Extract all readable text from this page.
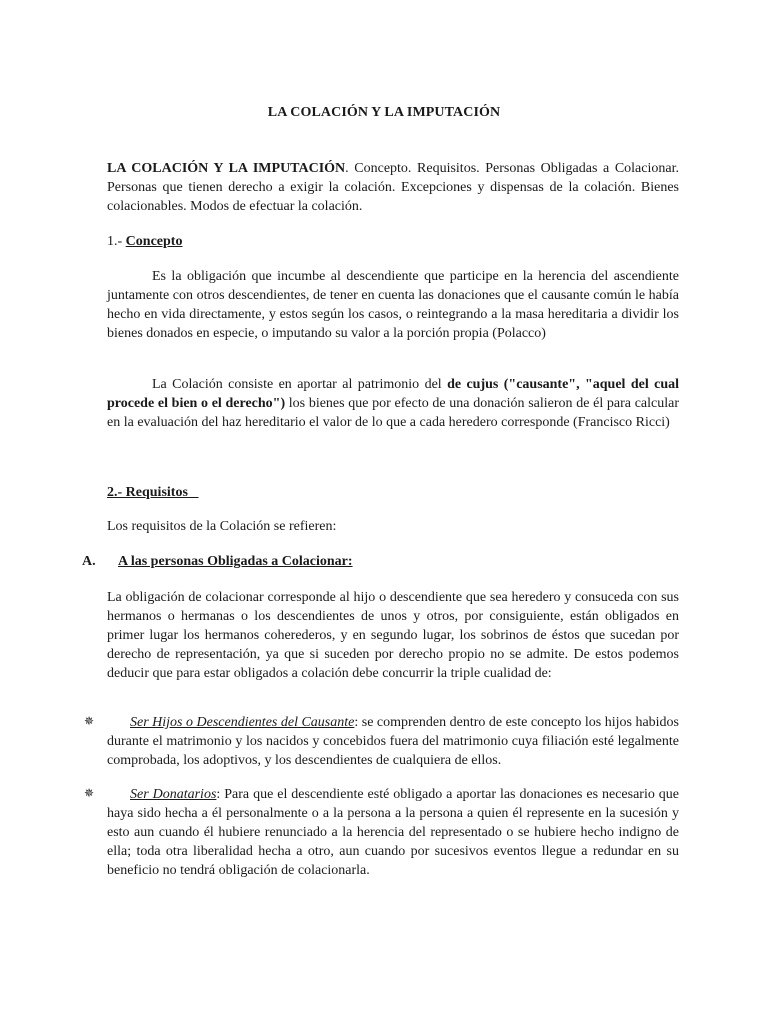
LA COLACIÓN Y LA IMPUTACIÓN
LA COLACIÓN Y LA IMPUTACIÓN. Concepto. Requisitos. Personas Obligadas a Colacionar. Personas que tienen derecho a exigir la colación. Excepciones y dispensas de la colación. Bienes colacionables. Modos de efectuar la colación.
1.- Concepto
Es la obligación que incumbe al descendiente que participe en la herencia del ascendiente juntamente con otros descendientes, de tener en cuenta las donaciones que el causante común le había hecho en vida directamente, y estos según los casos, o reintegrando a la masa hereditaria a dividir los bienes donados en especie, o imputando su valor a la porción propia (Polacco)
La Colación consiste en aportar al patrimonio del de cujus ("causante", "aquel del cual procede el bien o el derecho") los bienes que por efecto de una donación salieron de él para calcular en la evaluación del haz hereditario el valor de lo que a cada heredero corresponde (Francisco Ricci)
2.- Requisitos _
Los requisitos de la Colación se refieren:
A. A las personas Obligadas a Colacionar:
La obligación de colacionar corresponde al hijo o descendiente que sea heredero y consuceda con sus hermanos o hermanas o los descendientes de unos y otros, por consiguiente, están obligados en primer lugar los hermanos coherederos, y en segundo lugar, los sobrinos de éstos que sucedan por derecho de representación, ya que si suceden por derecho propio no se admite. De estos podemos deducir que para estar obligados a colación debe concurrir la triple cualidad de:
✵	Ser Hijos o Descendientes del Causante: se comprenden dentro de este concepto los hijos habidos durante el matrimonio y los nacidos y concebidos fuera del matrimonio cuya filiación esté legalmente comprobada, los adoptivos, y los descendientes de cualquiera de ellos.
✵	Ser Donatarios: Para que el descendiente esté obligado a aportar las donaciones es necesario que haya sido hecha a él personalmente o a la persona a la persona a quien él represente en la sucesión y esto aun cuando él hubiere renunciado a la herencia del representado o se hubiere hecho indigno de ella; toda otra liberalidad hecha a otro, aun cuando por sucesivos eventos llegue a redundar en su beneficio no tendrá obligación de colacionarla.
